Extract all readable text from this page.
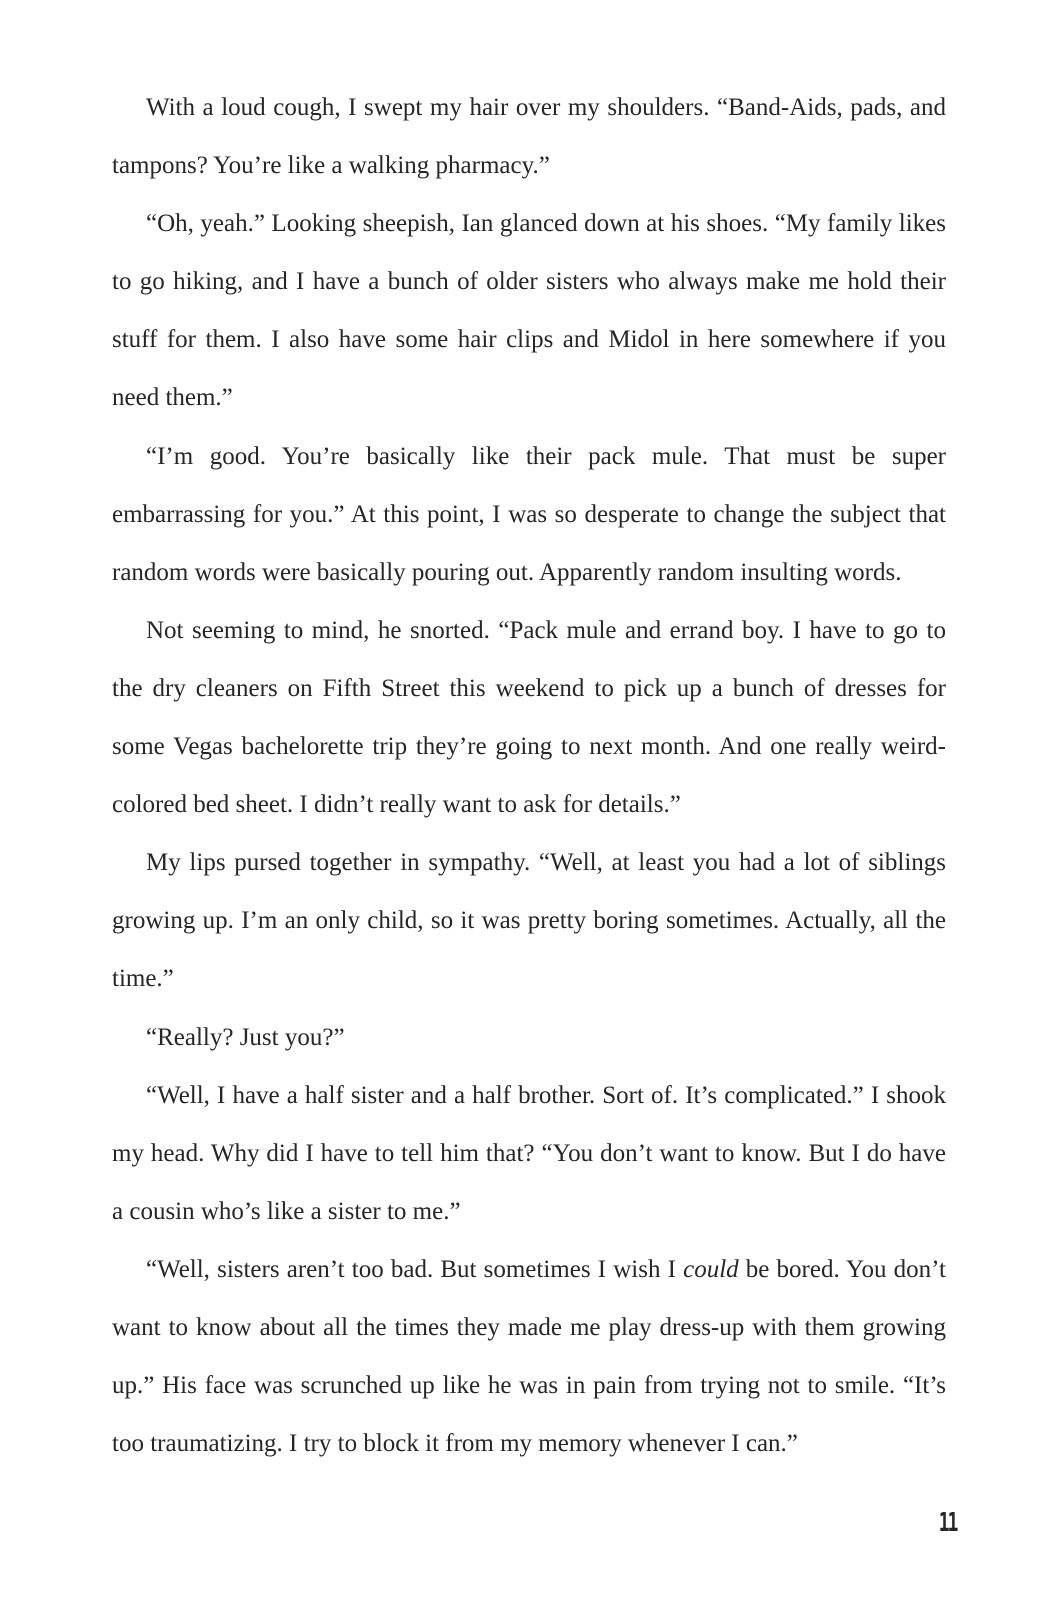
With a loud cough, I swept my hair over my shoulders. “Band-Aids, pads, and tampons? You’re like a walking pharmacy.”

“Oh, yeah.” Looking sheepish, Ian glanced down at his shoes. “My family likes to go hiking, and I have a bunch of older sisters who always make me hold their stuff for them. I also have some hair clips and Midol in here somewhere if you need them.”

“I’m good. You’re basically like their pack mule. That must be super embarrassing for you.” At this point, I was so desperate to change the subject that random words were basically pouring out. Apparently random insulting words.

Not seeming to mind, he snorted. “Pack mule and errand boy. I have to go to the dry cleaners on Fifth Street this weekend to pick up a bunch of dresses for some Vegas bachelorette trip they’re going to next month. And one really weird-colored bed sheet. I didn’t really want to ask for details.”

My lips pursed together in sympathy. “Well, at least you had a lot of siblings growing up. I’m an only child, so it was pretty boring sometimes. Actually, all the time.”

“Really? Just you?”

“Well, I have a half sister and a half brother. Sort of. It’s complicated.” I shook my head. Why did I have to tell him that? “You don’t want to know. But I do have a cousin who’s like a sister to me.”

“Well, sisters aren’t too bad. But sometimes I wish I could be bored. You don’t want to know about all the times they made me play dress-up with them growing up.” His face was scrunched up like he was in pain from trying not to smile. “It’s too traumatizing. I try to block it from my memory whenever I can.”

11
